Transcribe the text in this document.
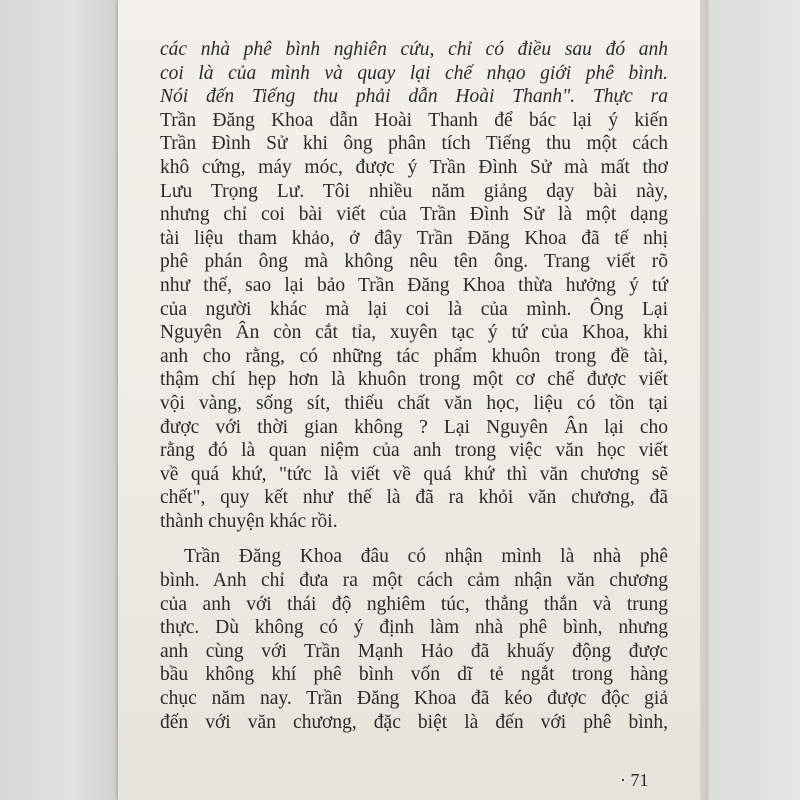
các nhà phê bình nghiên cứu, chỉ có điều sau đó anh
coi là của mình và quay lại chế nhạo giới phê bình.
Nói đến Tiếng thu phải dẫn Hoài Thanh". Thực ra
Trần Đăng Khoa dẫn Hoài Thanh để bác lại ý kiến
Trần Đình Sử khi ông phân tích Tiếng thu một cách
khô cứng, máy móc, được ý Trần Đình Sử mà mất thơ
Lưu Trọng Lư. Tôi nhiều năm giảng dạy bài này,
nhưng chỉ coi bài viết của Trần Đình Sử là một dạng
tài liệu tham khảo, ở đây Trần Đăng Khoa đã tế nhị
phê phán ông mà không nêu tên ông. Trang viết rõ
như thế, sao lại bảo Trần Đăng Khoa thừa hưởng ý tứ
của người khác mà lại coi là của mình. Ông Lại
Nguyên Ân còn cắt tỉa, xuyên tạc ý tứ của Khoa, khi
anh cho rằng, có những tác phẩm khuôn trong đề tài,
thậm chí hẹp hơn là khuôn trong một cơ chế được viết
vội vàng, sống sít, thiếu chất văn học, liệu có tồn tại
được với thời gian không ? Lại Nguyên Ân lại cho
rằng đó là quan niệm của anh trong việc văn học viết
về quá khứ, "tức là viết về quá khứ thì văn chương sẽ
chết", quy kết như thế là đã ra khỏi văn chương, đã
thành chuyện khác rồi.
Trần Đăng Khoa đâu có nhận mình là nhà phê
bình. Anh chỉ đưa ra một cách cảm nhận văn chương
của anh với thái độ nghiêm túc, thẳng thắn và trung
thực. Dù không có ý định làm nhà phê bình, nhưng
anh cùng với Trần Mạnh Hảo đã khuấy động được
bầu không khí phê bình vốn dĩ tẻ ngắt trong hàng
chục năm nay. Trần Đăng Khoa đã kéo được độc giả
đến với văn chương, đặc biệt là đến với phê bình,
· 71
